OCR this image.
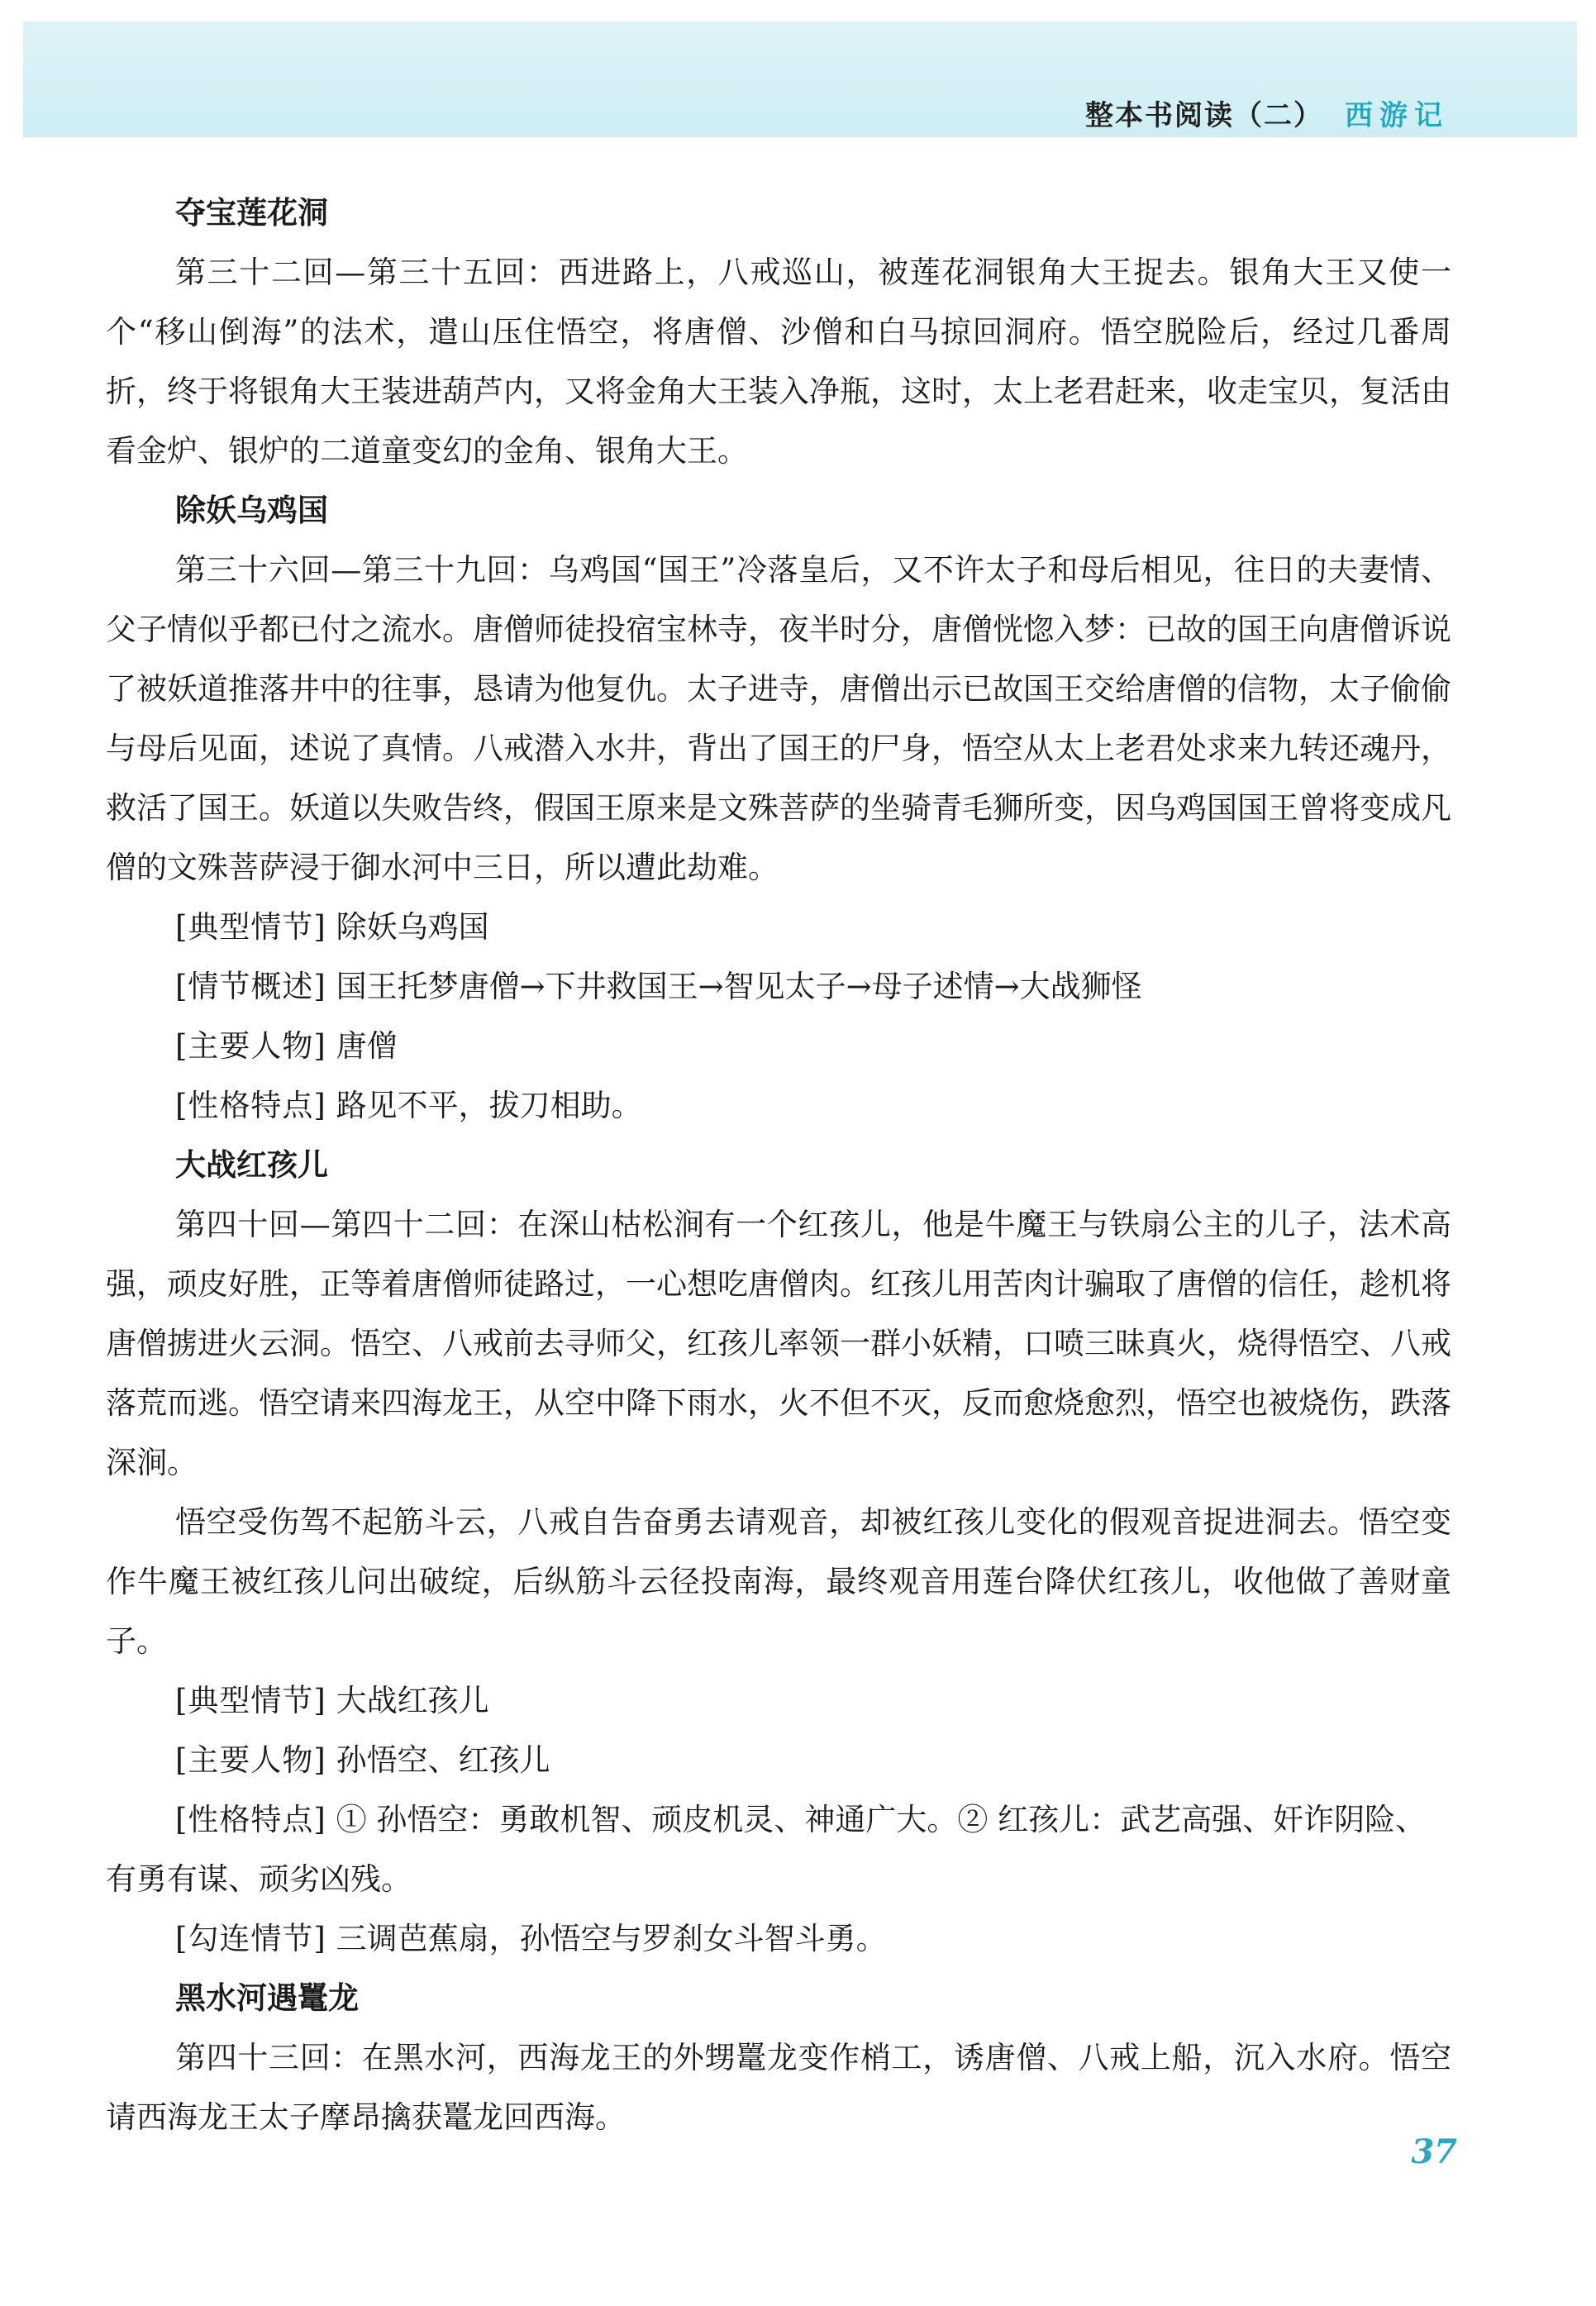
整本书阅读（二） 西游记
夺宝莲花洞

第三十二回—第三十五回：西进路上，八戒巡山，被莲花洞银角大王捉去。银角大王又使一个“移山倒海”的法术，遣山压住悟空，将唐僧、沙僧和白马掠回洞府。悟空脱险后，经过几番周折，终于将银角大王装进葫芦内，又将金角大王装入净瓶，这时，太上老君赶来，收走宝贝，复活由看金炉、银炉的二道童变幻的金角、银角大王。

除妖乌鸡国

第三十六回—第三十九回：乌鸡国“国王”冷落皇后，又不许太子和母后相见，往日的夫妻情、父子情似乎都已付之流水。唐僧师徒投宿宝林寺，夜半时分，唐僧恍惚入梦：已故的国王向唐僧诉说了被妖道推落井中的往事，恳请为他复仇。太子进寺，唐僧出示已故国王交给唐僧的信物，太子偷偷与母后见面，述说了真情。八戒潜入水井，背出了国王的尸身，悟空从太上老君处求来九转还魂丹，救活了国王。妖道以失败告终，假国王原来是文殊菩萨的坐骑青毛狮所变，因乌鸡国国王曾将变成凡僧的文殊菩萨浸于御水河中三日，所以遭此劫难。

[典型情节] 除妖乌鸡国
[情节概述] 国王托梦唐僧→下井救国王→智见太子→母子述情→大战狮怪
[主要人物] 唐僧
[性格特点] 路见不平，拔刀相助。
大战红孩儿

第四十回—第四十二回：在深山枯松涧有一个红孩儿，他是牛魔王与铁扇公主的儿子，法术高强，顽皮好胜，正等着唐僧师徒路过，一心想吃唐僧肉。红孩儿用苦肉计骗取了唐僧的信任，趁机将唐僧掳进火云洞。悟空、八戒前去寻师父，红孩儿率领一群小妖精，口喷三昧真火，烧得悟空、八戒落荒而逃。悟空请来四海龙王，从空中降下雨水，火不但不灭，反而愈烧愈烈，悟空也被烧伤，跌落深涧。

悟空受伤驾不起筋斗云，八戒自告奋勇去请观音，却被红孩儿变化的假观音捉进洞去。悟空变作牛魔王被红孩儿问出破绽，后纵筋斗云径投南海，最终观音用莲台降伏红孩儿，收他做了善财童子。

[典型情节] 大战红孩儿
[主要人物] 孙悟空、红孩儿
[性格特点] ① 孙悟空：勇敢机智、顽皮机灵、神通广大。② 红孩儿：武艺高强、奸诈阴险、有勇有谋、顽劣凶残。
[勾连情节] 三调芭蕉扇，孙悟空与罗刹女斗智斗勇。
黑水河遇鼍龙

第四十三回：在黑水河，西海龙王的外甥鼍龙变作梢工，诱唐僧、八戒上船，沉入水府。悟空请西海龙王太子摩昂擒获鼍龙回西海。

37
